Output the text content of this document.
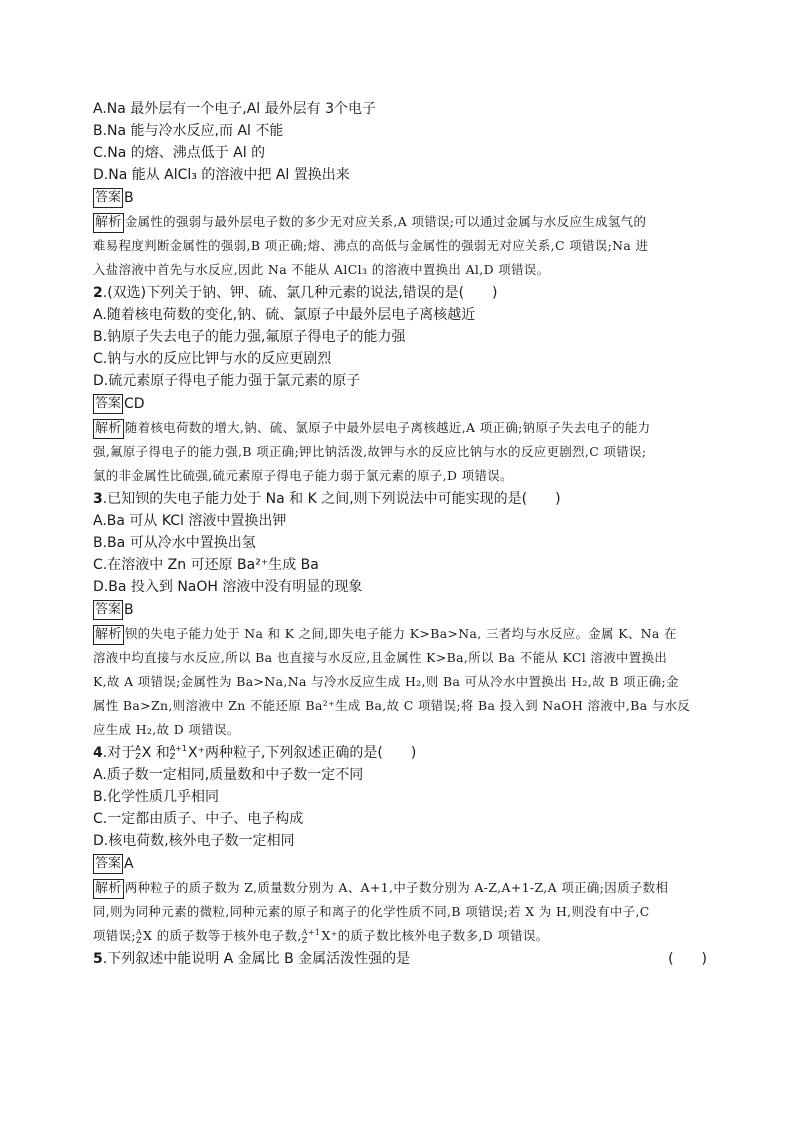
A.Na 最外层有一个电子,Al 最外层有 3个电子
B.Na 能与冷水反应,而 Al 不能
C.Na 的熔、沸点低于 Al 的
D.Na 能从 AlCl₃ 的溶液中把 Al 置换出来
答案 B
解析 金属性的强弱与最外层电子数的多少无对应关系,A 项错误;可以通过金属与水反应生成氢气的
难易程度判断金属性的强弱,B 项正确;熔、沸点的高低与金属性的强弱无对应关系,C 项错误;Na 进
入盐溶液中首先与水反应,因此 Na 不能从 AlCl₃ 的溶液中置换出 Al,D 项错误。
2.(双选)下列关于钠、钾、硫、氯几种元素的说法,错误的是(　　)
A.随着核电荷数的变化,钠、硫、氯原子中最外层电子离核越近
B.钠原子失去电子的能力强,氟原子得电子的能力强
C.钠与水的反应比钾与水的反应更剧烈
D.硫元素原子得电子能力强于氯元素的原子
答案 CD
解析 随着核电荷数的增大,钠、硫、氯原子中最外层电子离核越近,A 项正确;钠原子失去电子的能力
强,氟原子得电子的能力强,B 项正确;钾比钠活泼,故钾与水的反应比钠与水的反应更剧烈,C 项错误;
氯的非金属性比硫强,硫元素原子得电子能力弱于氯元素的原子,D 项错误。
3.已知钡的失电子能力处于 Na 和 K 之间,则下列说法中可能实现的是(　　)
A.Ba 可从 KCl 溶液中置换出钾
B.Ba 可从冷水中置换出氢
C.在溶液中 Zn 可还原 Ba²⁺生成 Ba
D.Ba 投入到 NaOH 溶液中没有明显的现象
答案 B
解析 钡的失电子能力处于 Na 和 K 之间,即失电子能力 K>Ba>Na, 三者均与水反应。金属 K、Na 在
溶液中均直接与水反应,所以 Ba 也直接与水反应,且金属性 K>Ba,所以 Ba 不能从 KCl 溶液中置换出
K,故 A 项错误;金属性为 Ba>Na,Na 与冷水反应生成 H₂,则 Ba 可从冷水中置换出 H₂,故 B 项正确;金
属性 Ba>Zn,则溶液中 Zn 不能还原 Ba²⁺生成 Ba,故 C 项错误;将 Ba 投入到 NaOH 溶液中,Ba 与水反
应生成 H₂,故 D 项错误。
4.对于 A
Z X 和 A+1
Z X⁺两种粒子,下列叙述正确的是(　　)
A.质子数一定相同,质量数和中子数一定不同
B.化学性质几乎相同
C.一定都由质子、中子、电子构成
D.核电荷数,核外电子数一定相同
答案 A
解析 两种粒子的质子数为 Z,质量数分别为 A、A+1,中子数分别为 A-Z,A+1-Z,A 项正确;因质子数相
同,则为同种元素的微粒,同种元素的原子和离子的化学性质不同,B 项错误;若 X 为 H,则没有中子,C
项错误; A
Z X 的质子数等于核外电子数, A+1
Z	X⁺的质子数比核外电子数多,D 项错误。
5.下列叙述中能说明 A 金属比 B 金属活泼性强的是	(　　)
